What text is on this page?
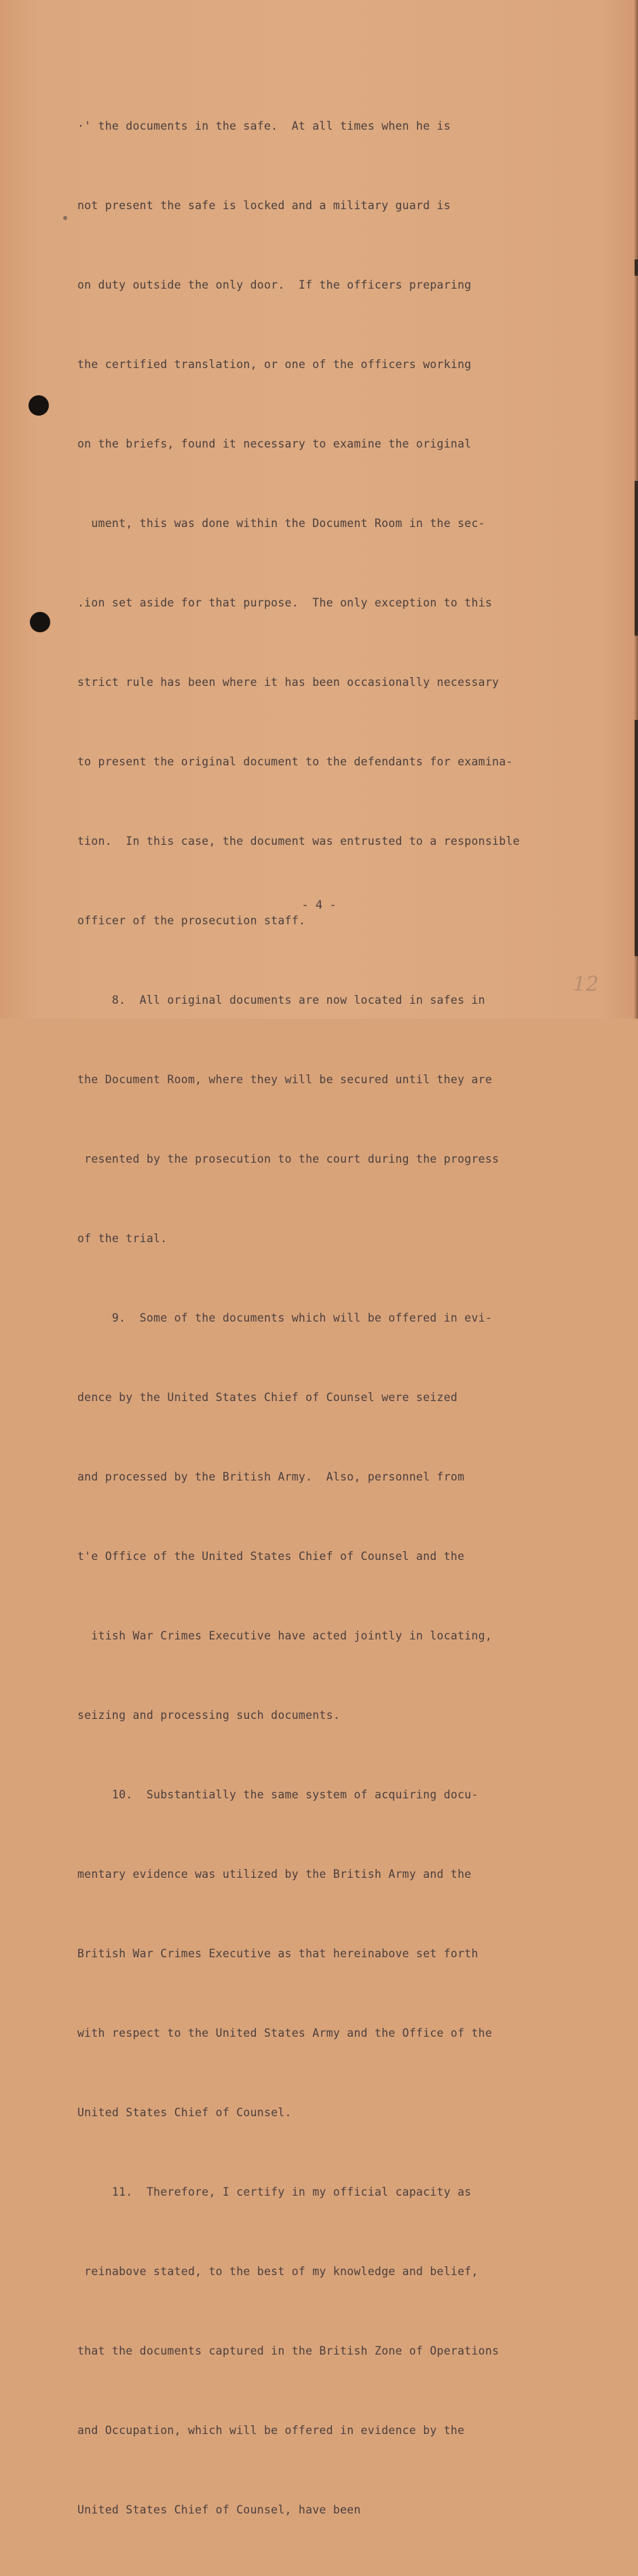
·' the documents in the safe.  At all times when he is

not present the safe is locked and a military guard is

on duty outside the only door.  If the officers preparing

the certified translation, or one of the officers working

on the briefs, found it necessary to examine the original

ument, this was done within the Document Room in the sec-

.ion set aside for that purpose.  The only exception to this

strict rule has been where it has been occasionally necessary

to present the original document to the defendants for examina-

tion.  In this case, the document was entrusted to a responsible

officer of the prosecution staff.

8.  All original documents are now located in safes in

the Document Room, where they will be secured until they are

resented by the prosecution to the court during the progress

of the trial.

9.  Some of the documents which will be offered in evi-

dence by the United States Chief of Counsel were seized

and processed by the British Army.  Also, personnel from

t'e Office of the United States Chief of Counsel and the

itish War Crimes Executive have acted jointly in locating,

seizing and processing such documents.

10.  Substantially the same system of acquiring docu-

mentary evidence was utilized by the British Army and the

British War Crimes Executive as that hereinabove set forth

with respect to the United States Army and the Office of the

United States Chief of Counsel.

11.  Therefore, I certify in my official capacity as

reinabove stated, to the best of my knowledge and belief,

that the documents captured in the British Zone of Operations

and Occupation, which will be offered in evidence by the

United States Chief of Counsel, have been

- 4 -
12
